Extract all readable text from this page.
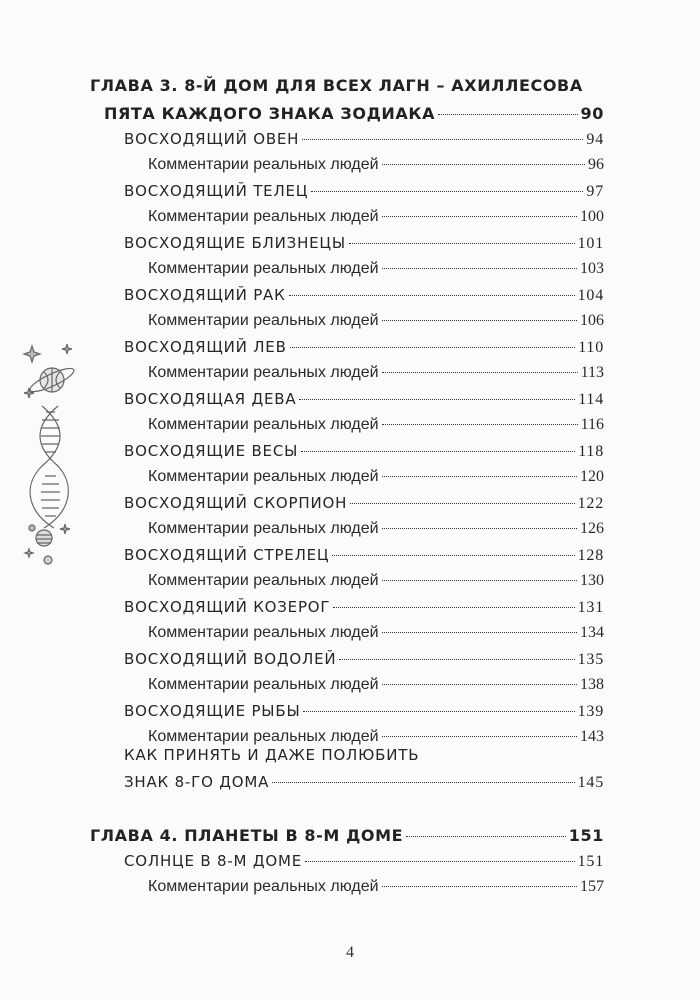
ГЛАВА 3. 8-Й ДОМ ДЛЯ ВСЕХ ЛАГН – АХИЛЛЕСОВА
ПЯТА КАЖДОГО ЗНАКА ЗОДИАКА	90
ВОСХОДЯЩИЙ ОВЕН	94
Комментарии реальных людей	96
ВОСХОДЯЩИЙ ТЕЛЕЦ	97
Комментарии реальных людей	100
ВОСХОДЯЩИЕ БЛИЗНЕЦЫ	101
Комментарии реальных людей	103
ВОСХОДЯЩИЙ РАК	104
Комментарии реальных людей	106
ВОСХОДЯЩИЙ ЛЕВ	110
Комментарии реальных людей	113
ВОСХОДЯЩАЯ ДЕВА	114
Комментарии реальных людей	116
ВОСХОДЯЩИЕ ВЕСЫ	118
Комментарии реальных людей	120
ВОСХОДЯЩИЙ СКОРПИОН	122
Комментарии реальных людей	126
ВОСХОДЯЩИЙ СТРЕЛЕЦ	128
Комментарии реальных людей	130
ВОСХОДЯЩИЙ КОЗЕРОГ	131
Комментарии реальных людей	134
ВОСХОДЯЩИЙ ВОДОЛЕЙ	135
Комментарии реальных людей	138
ВОСХОДЯЩИЕ РЫБЫ	139
Комментарии реальных людей	143
КАК ПРИНЯТЬ И ДАЖЕ ПОЛЮБИТЬ
ЗНАК 8-ГО ДОМА	145
ГЛАВА 4. ПЛАНЕТЫ В 8-М ДОМЕ	151
СОЛНЦЕ В 8-М ДОМЕ	151
Комментарии реальных людей	157
4
